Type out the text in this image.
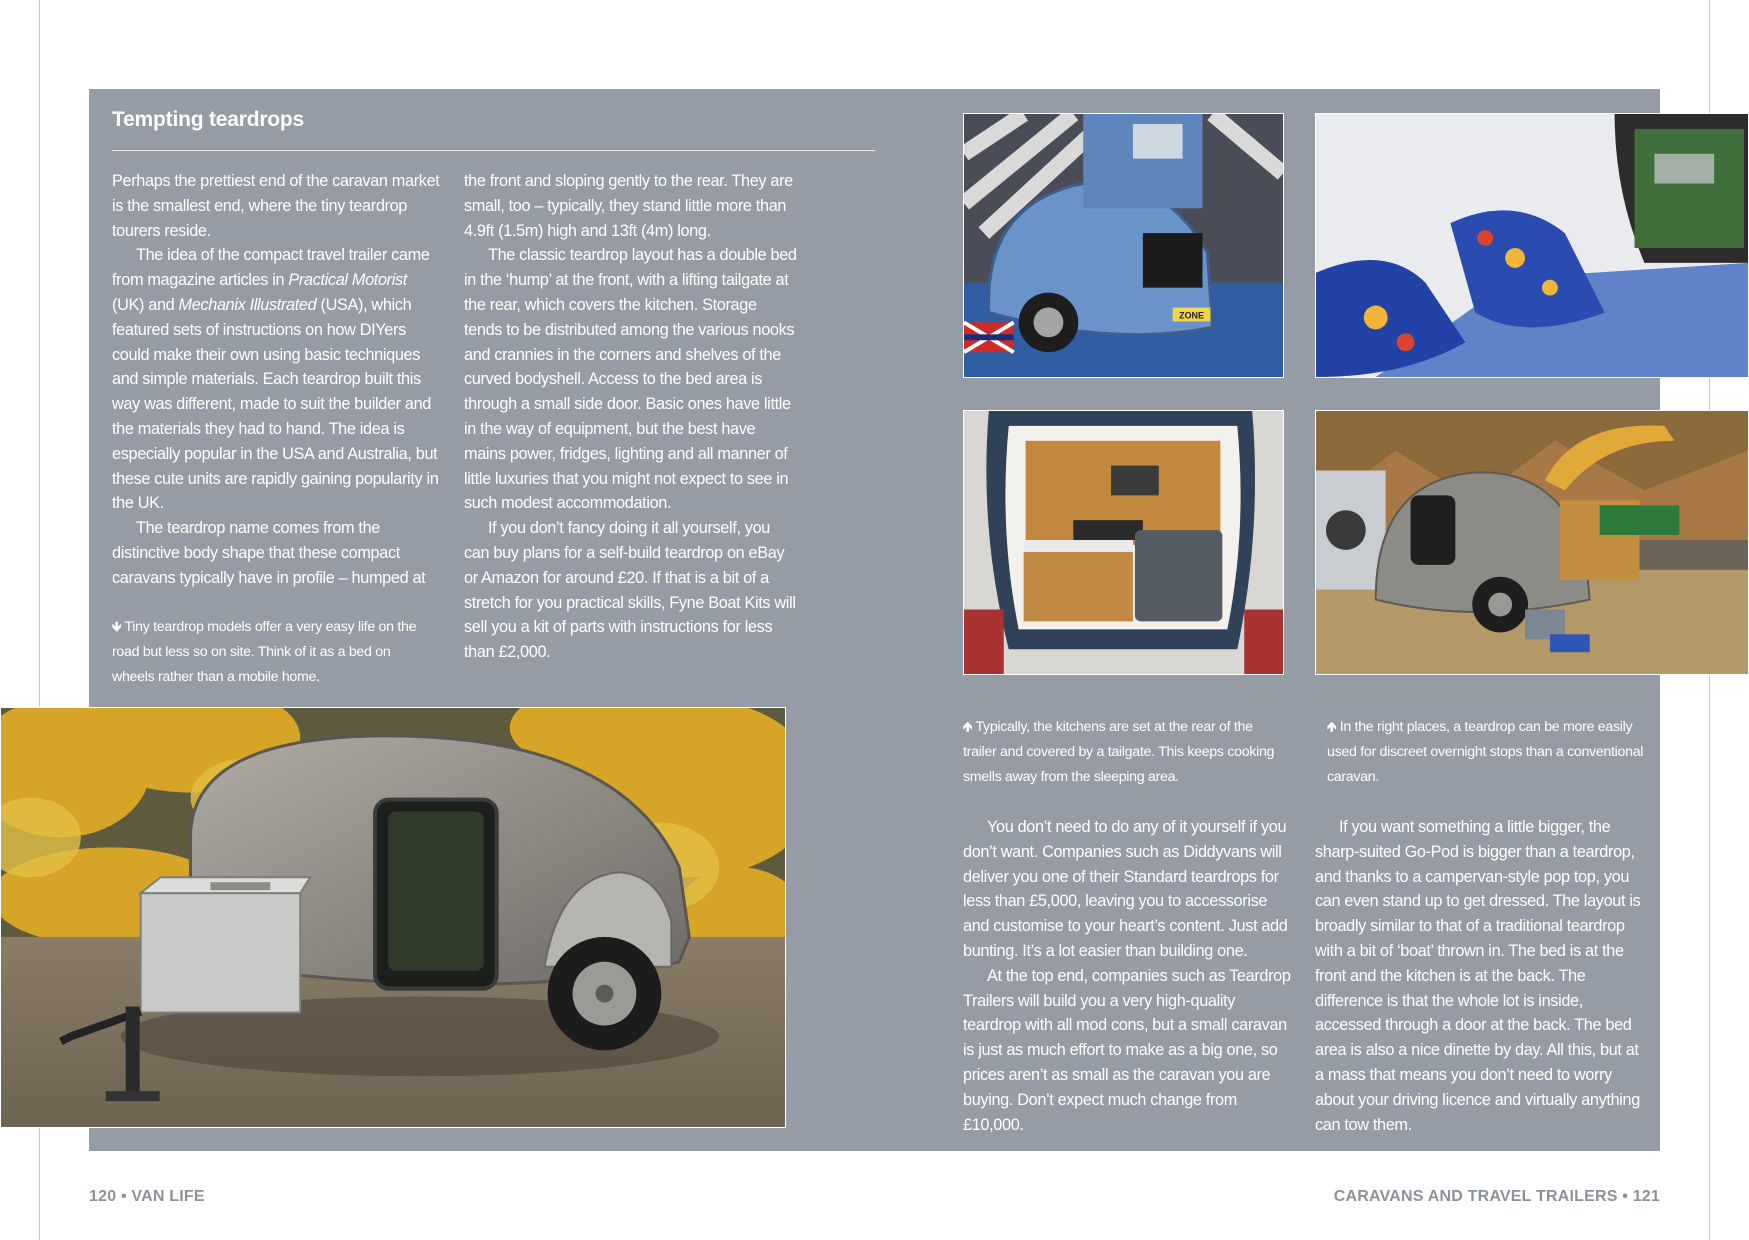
Tempting teardrops

Perhaps the prettiest end of the caravan market is the smallest end, where the tiny teardrop tourers reside.

The idea of the compact travel trailer came from magazine articles in Practical Motorist (UK) and Mechanix Illustrated (USA), which featured sets of instructions on how DIYers could make their own using basic techniques and simple materials. Each teardrop built this way was different, made to suit the builder and the materials they had to hand. The idea is especially popular in the USA and Australia, but these cute units are rapidly gaining popularity in the UK.

The teardrop name comes from the distinctive body shape that these compact caravans typically have in profile – humped at

🡻 Tiny teardrop models offer a very easy life on the road but less so on site. Think of it as a bed on wheels rather than a mobile home.

the front and sloping gently to the rear. They are small, too – typically, they stand little more than 4.9ft (1.5m) high and 13ft (4m) long.

The classic teardrop layout has a double bed in the ‘hump’ at the front, with a lifting tailgate at the rear, which covers the kitchen. Storage tends to be distributed among the various nooks and crannies in the corners and shelves of the curved bodyshell. Access to the bed area is through a small side door. Basic ones have little in the way of equipment, but the best have mains power, fridges, lighting and all manner of little luxuries that you might not expect to see in such modest accommodation.

If you don’t fancy doing it all yourself, you can buy plans for a self-build teardrop on eBay or Amazon for around £20. If that is a bit of a stretch for you practical skills, Fyne Boat Kits will sell you a kit of parts with instructions for less than £2,000.

ZONE
🡹 Typically, the kitchens are set at the rear of the trailer and covered by a tailgate. This keeps cooking smells away from the sleeping area.
🡹 In the right places, a teardrop can be more easily used for discreet overnight stops than a conventional caravan.

You don’t need to do any of it yourself if you don’t want. Companies such as Diddyvans will deliver you one of their Standard teardrops for less than £5,000, leaving you to accessorise and customise to your heart’s content. Just add bunting. It’s a lot easier than building one.

At the top end, companies such as Teardrop Trailers will build you a very high-quality teardrop with all mod cons, but a small caravan is just as much effort to make as a big one, so prices aren’t as small as the caravan you are buying. Don’t expect much change from £10,000.

If you want something a little bigger, the sharp-suited Go-Pod is bigger than a teardrop, and thanks to a campervan-style pop top, you can even stand up to get dressed. The layout is broadly similar to that of a traditional teardrop with a bit of ‘boat’ thrown in. The bed is at the front and the kitchen is at the back. The difference is that the whole lot is inside, accessed through a door at the back. The bed area is also a nice dinette by day. All this, but at a mass that means you don’t need to worry about your driving licence and virtually anything can tow them.

120 • VAN LIFE	CARAVANS AND TRAVEL TRAILERS • 121
